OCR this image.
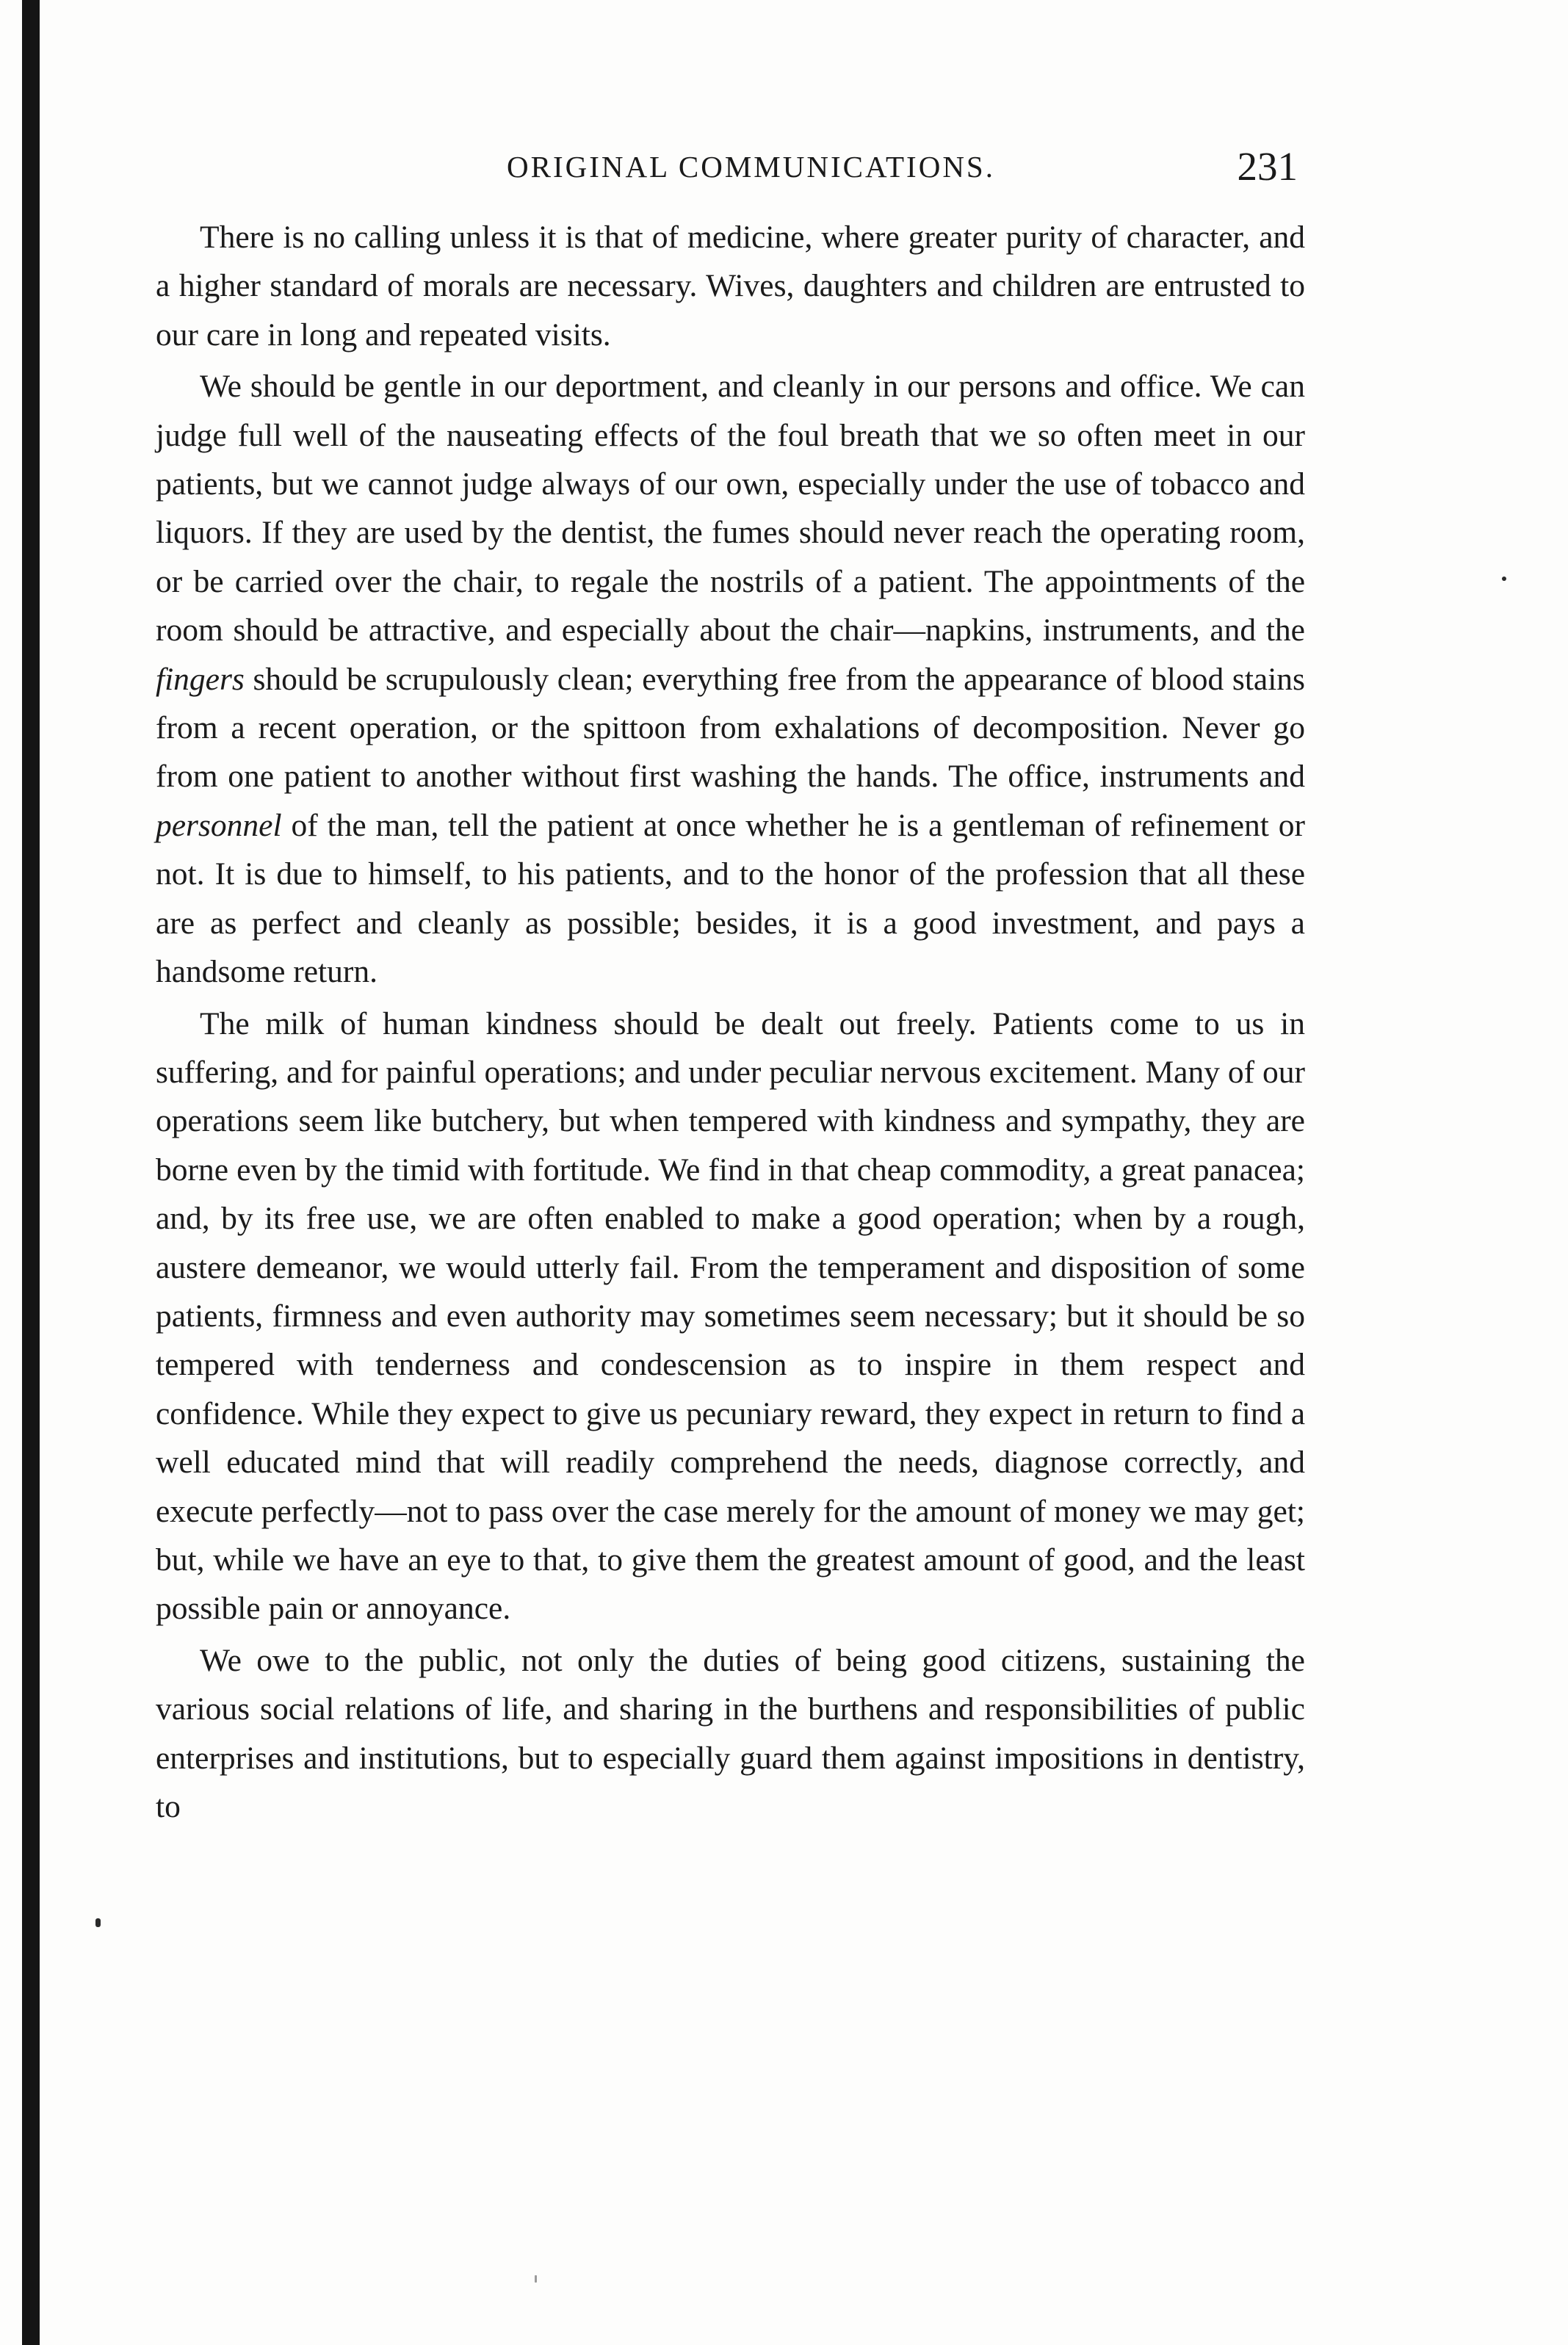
ORIGINAL COMMUNICATIONS.	231

There is no calling unless it is that of medicine, where greater purity of character, and a higher standard of morals are necessary. Wives, daughters and children are entrusted to our care in long and repeated visits.

We should be gentle in our deportment, and cleanly in our persons and office. We can judge full well of the nauseating effects of the foul breath that we so often meet in our patients, but we cannot judge always of our own, especially under the use of tobacco and liquors. If they are used by the dentist, the fumes should never reach the operating room, or be carried over the chair, to regale the nostrils of a patient. The appointments of the room should be attractive, and especially about the chair—napkins, instruments, and the fingers should be scrupulously clean; everything free from the appearance of blood stains from a recent operation, or the spittoon from exhalations of decomposition. Never go from one patient to another without first washing the hands. The office, instruments and personnel of the man, tell the patient at once whether he is a gentleman of refinement or not. It is due to himself, to his patients, and to the honor of the profession that all these are as perfect and cleanly as possible; besides, it is a good investment, and pays a handsome return.

The milk of human kindness should be dealt out freely. Patients come to us in suffering, and for painful operations; and under peculiar nervous excitement. Many of our operations seem like butchery, but when tempered with kindness and sympathy, they are borne even by the timid with fortitude. We find in that cheap commodity, a great panacea; and, by its free use, we are often enabled to make a good operation; when by a rough, austere demeanor, we would utterly fail. From the temperament and disposition of some patients, firmness and even authority may sometimes seem necessary; but it should be so tempered with tenderness and condescension as to inspire in them respect and confidence. While they expect to give us pecuniary reward, they expect in return to find a well educated mind that will readily comprehend the needs, diagnose correctly, and execute perfectly—not to pass over the case merely for the amount of money we may get; but, while we have an eye to that, to give them the greatest amount of good, and the least possible pain or annoyance.

We owe to the public, not only the duties of being good citizens, sustaining the various social relations of life, and sharing in the burthens and responsibilities of public enterprises and institutions, but to especially guard them against impositions in dentistry, to
